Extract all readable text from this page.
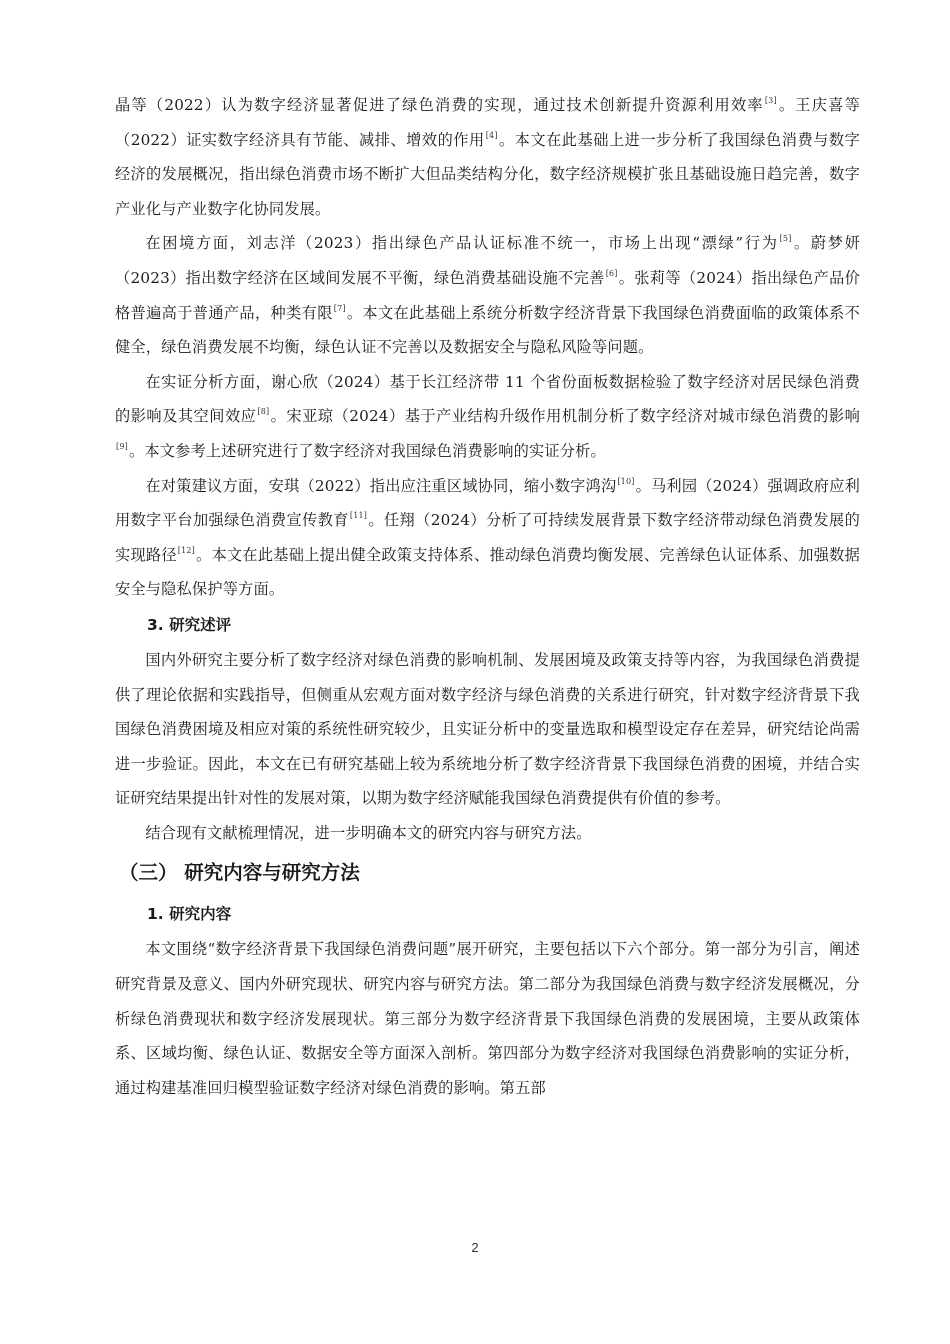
晶等（2022）认为数字经济显著促进了绿色消费的实现，通过技术创新提升资源利用效率[3]。王庆喜等（2022）证实数字经济具有节能、减排、增效的作用[4]。本文在此基础上进一步分析了我国绿色消费与数字经济的发展概况，指出绿色消费市场不断扩大但品类结构分化，数字经济规模扩张且基础设施日趋完善，数字产业化与产业数字化协同发展。

在困境方面，刘志洋（2023）指出绿色产品认证标准不统一，市场上出现“漂绿”行为[5]。蔚梦妍（2023）指出数字经济在区域间发展不平衡，绿色消费基础设施不完善[6]。张莉等（2024）指出绿色产品价格普遍高于普通产品，种类有限[7]。本文在此基础上系统分析数字经济背景下我国绿色消费面临的政策体系不健全，绿色消费发展不均衡，绿色认证不完善以及数据安全与隐私风险等问题。

在实证分析方面，谢心欣（2024）基于长江经济带 11 个省份面板数据检验了数字经济对居民绿色消费的影响及其空间效应[8]。宋亚琼（2024）基于产业结构升级作用机制分析了数字经济对城市绿色消费的影响[9]。本文参考上述研究进行了数字经济对我国绿色消费影响的实证分析。

在对策建议方面，安琪（2022）指出应注重区域协同，缩小数字鸿沟[10]。马利园（2024）强调政府应利用数字平台加强绿色消费宣传教育[11]。任翔（2024）分析了可持续发展背景下数字经济带动绿色消费发展的实现路径[12]。本文在此基础上提出健全政策支持体系、推动绿色消费均衡发展、完善绿色认证体系、加强数据安全与隐私保护等方面。

3. 研究述评

国内外研究主要分析了数字经济对绿色消费的影响机制、发展困境及政策支持等内容，为我国绿色消费提供了理论依据和实践指导，但侧重从宏观方面对数字经济与绿色消费的关系进行研究，针对数字经济背景下我国绿色消费困境及相应对策的系统性研究较少，且实证分析中的变量选取和模型设定存在差异，研究结论尚需进一步验证。因此，本文在已有研究基础上较为系统地分析了数字经济背景下我国绿色消费的困境，并结合实证研究结果提出针对性的发展对策，以期为数字经济赋能我国绿色消费提供有价值的参考。

结合现有文献梳理情况，进一步明确本文的研究内容与研究方法。

（三） 研究内容与研究方法
1. 研究内容

本文围绕“数字经济背景下我国绿色消费问题”展开研究，主要包括以下六个部分。第一部分为引言，阐述研究背景及意义、国内外研究现状、研究内容与研究方法。第二部分为我国绿色消费与数字经济发展概况，分析绿色消费现状和数字经济发展现状。第三部分为数字经济背景下我国绿色消费的发展困境，主要从政策体系、区域均衡、绿色认证、数据安全等方面深入剖析。第四部分为数字经济对我国绿色消费影响的实证分析，通过构建基准回归模型验证数字经济对绿色消费的影响。第五部

2
